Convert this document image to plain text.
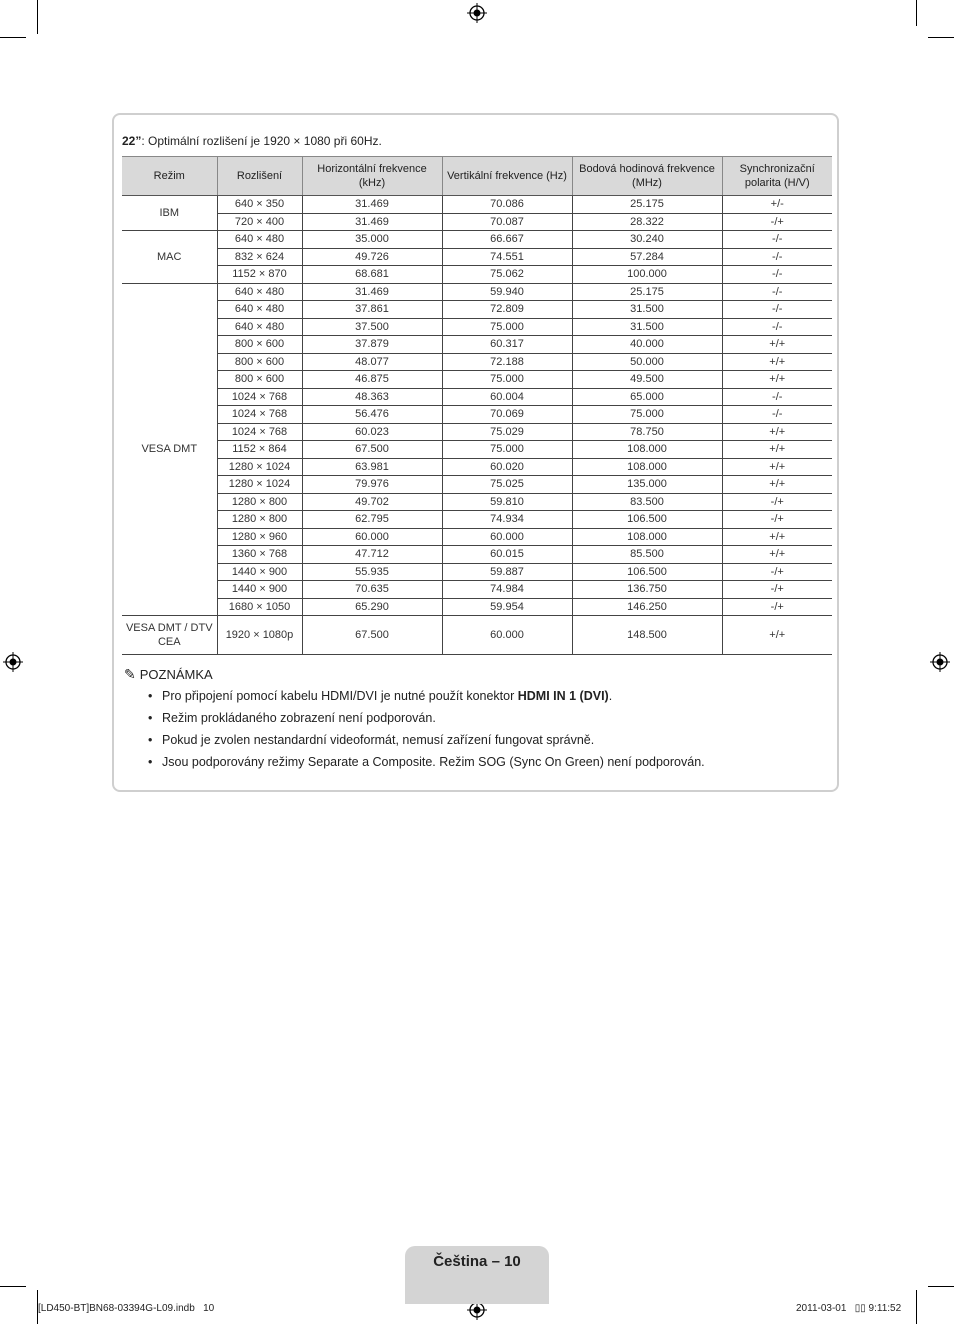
22”: Optimální rozlišení je 1920 × 1080 při 60Hz.
Režim	Rozlišení	Horizontální frekvence (kHz)	Vertikální frekvence (Hz)	Bodová hodinová frekvence (MHz)	Synchronizační polarita (H/V)
IBM	640 × 350	31.469	70.086	25.175	+/-
	720 × 400	31.469	70.087	28.322	-/+
MAC	640 × 480	35.000	66.667	30.240	-/-
	832 × 624	49.726	74.551	57.284	-/-
	1152 × 870	68.681	75.062	100.000	-/-
VESA DMT	640 × 480	31.469	59.940	25.175	-/-
	640 × 480	37.861	72.809	31.500	-/-
	640 × 480	37.500	75.000	31.500	-/-
	800 × 600	37.879	60.317	40.000	+/+
	800 × 600	48.077	72.188	50.000	+/+
	800 × 600	46.875	75.000	49.500	+/+
	1024 × 768	48.363	60.004	65.000	-/-
	1024 × 768	56.476	70.069	75.000	-/-
	1024 × 768	60.023	75.029	78.750	+/+
	1152 × 864	67.500	75.000	108.000	+/+
	1280 × 1024	63.981	60.020	108.000	+/+
	1280 × 1024	79.976	75.025	135.000	+/+
	1280 × 800	49.702	59.810	83.500	-/+
	1280 × 800	62.795	74.934	106.500	-/+
	1280 × 960	60.000	60.000	108.000	+/+
	1360 × 768	47.712	60.015	85.500	+/+
	1440 × 900	55.935	59.887	106.500	-/+
	1440 × 900	70.635	74.984	136.750	-/+
	1680 × 1050	65.290	59.954	146.250	-/+
VESA DMT / DTV CEA	1920 × 1080p	67.500	60.000	148.500	+/+
✎ POZNÁMKA
• Pro připojení pomocí kabelu HDMI/DVI je nutné použít konektor HDMI IN 1 (DVI).
• Režim prokládaného zobrazení není podporován.
• Pokud je zvolen nestandardní videoformát, nemusí zařízení fungovat správně.
• Jsou podporovány režimy Separate a Composite. Režim SOG (Sync On Green) není podporován.
Čeština – 10
[LD450-BT]BN68-03394G-L09.indb   10	2011-03-01   ▯▯ 9:11:52
